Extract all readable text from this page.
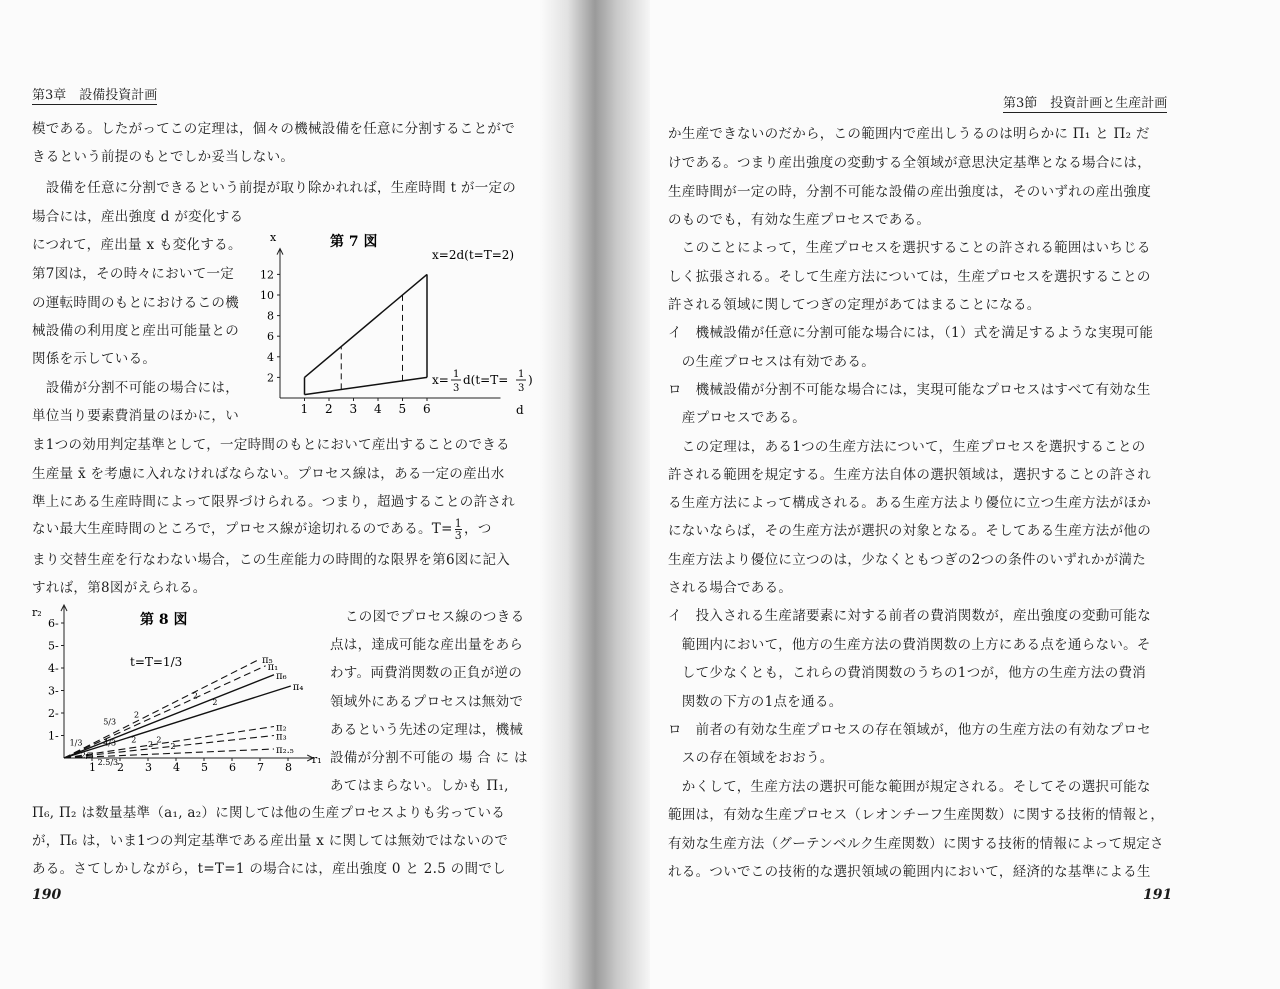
第3章　設備投資計画
模である。したがってこの定理は，個々の機械設備を任意に分割することがで
きるという前提のもとでしか妥当しない。
　設備を任意に分割できるという前提が取り除かれれば，生産時間 t が一定の
場合には，産出強度 d が変化する
につれて，産出量 x も変化する。
第7図は，その時々において一定
の運転時間のもとにおけるこの機
械設備の利用度と産出可能量との
関係を示している。
　設備が分割不可能の場合には，
単位当り要素費消量のほかに，い
ま1つの効用判定基準として，一定時間のもとにおいて産出することのできる
生産量 x̄ を考慮に入れなければならない。プロセス線は，ある一定の産出水
準上にある生産時間によって限界づけられる。つまり，超過することの許され
ない最大生産時間のところで，プロセス線が途切れるのである。$T= \frac{1}{3}$ ，つ
まり交替生産を行なわない場合，この生産能力の時間的な限界を第6図に記入
すれば，第8図がえられる。
この図でプロセス線のつきる
点は，達成可能な産出量をあら
わす。両費消関数の正負が逆の
領域外にあるプロセスは無効で
あるという先述の定理は，機械
設備が分割不可能の 場 合 に は
あてはまらない。しかも Π₁,
Π₆, Π₂ は数量基準（a₁, a₂）に関しては他の生産プロセスよりも劣っている
が，Π₆ は，いま1つの判定基準である産出量 x に関しては無効ではないので
ある。さてしかしながら，t=T=1 の場合には，産出強度 0 と 2.5 の間でし
190
第 7 図
x
d
x=2d(t=T=2)
x= 1
3
d(t=T= 1
3
)
1 2 3 4 5 6
2
4
6
8
10
12
第 8 図
r₂
r₁
t=T=1/3
1 2 3 4 5 6 7 8
1-
2-
3-
4-
5-
6-
π₅
π₁
π₆
π₄
π₂
π₃
π₂.₅
1/3
2/3
4/3
5/3
2
2	2
2
2
2
2.5/3
2
第3節　投資計画と生産計画
か生産できないのだから，この範囲内で産出しうるのは明らかに Π₁ と Π₂ だ
けである。つまり産出強度の変動する全領域が意思決定基準となる場合には，
生産時間が一定の時，分割不可能な設備の産出強度は，そのいずれの産出強度
のものでも，有効な生産プロセスである。
　このことによって，生産プロセスを選択することの許される範囲はいちじる
しく拡張される。そして生産方法については，生産プロセスを選択することの
許される領域に関してつぎの定理があてはまることになる。
イ　機械設備が任意に分割可能な場合には，（1）式を満足するような実現可能
　の生産プロセスは有効である。
ロ　機械設備が分割不可能な場合には，実現可能なプロセスはすべて有効な生
　産プロセスである。
　この定理は，ある1つの生産方法について，生産プロセスを選択することの
許される範囲を規定する。生産方法自体の選択領域は，選択することの許され
る生産方法によって構成される。ある生産方法より優位に立つ生産方法がほか
にないならば，その生産方法が選択の対象となる。そしてある生産方法が他の
生産方法より優位に立つのは，少なくともつぎの2つの条件のいずれかが満た
される場合である。
イ　投入される生産諸要素に対する前者の費消関数が，産出強度の変動可能な
　範囲内において，他方の生産方法の費消関数の上方にある点を通らない。そ
　して少なくとも，これらの費消関数のうちの1つが，他方の生産方法の費消
　関数の下方の1点を通る。
ロ　前者の有効な生産プロセスの存在領域が，他方の生産方法の有効なプロセ
　スの存在領域をおおう。
　かくして，生産方法の選択可能な範囲が規定される。そしてその選択可能な
範囲は，有効な生産プロセス（レオンチーフ生産関数）に関する技術的情報と，
有効な生産方法（グーテンベルク生産関数）に関する技術的情報によって規定さ
れる。ついでこの技術的な選択領域の範囲内において，経済的な基準による生
191
